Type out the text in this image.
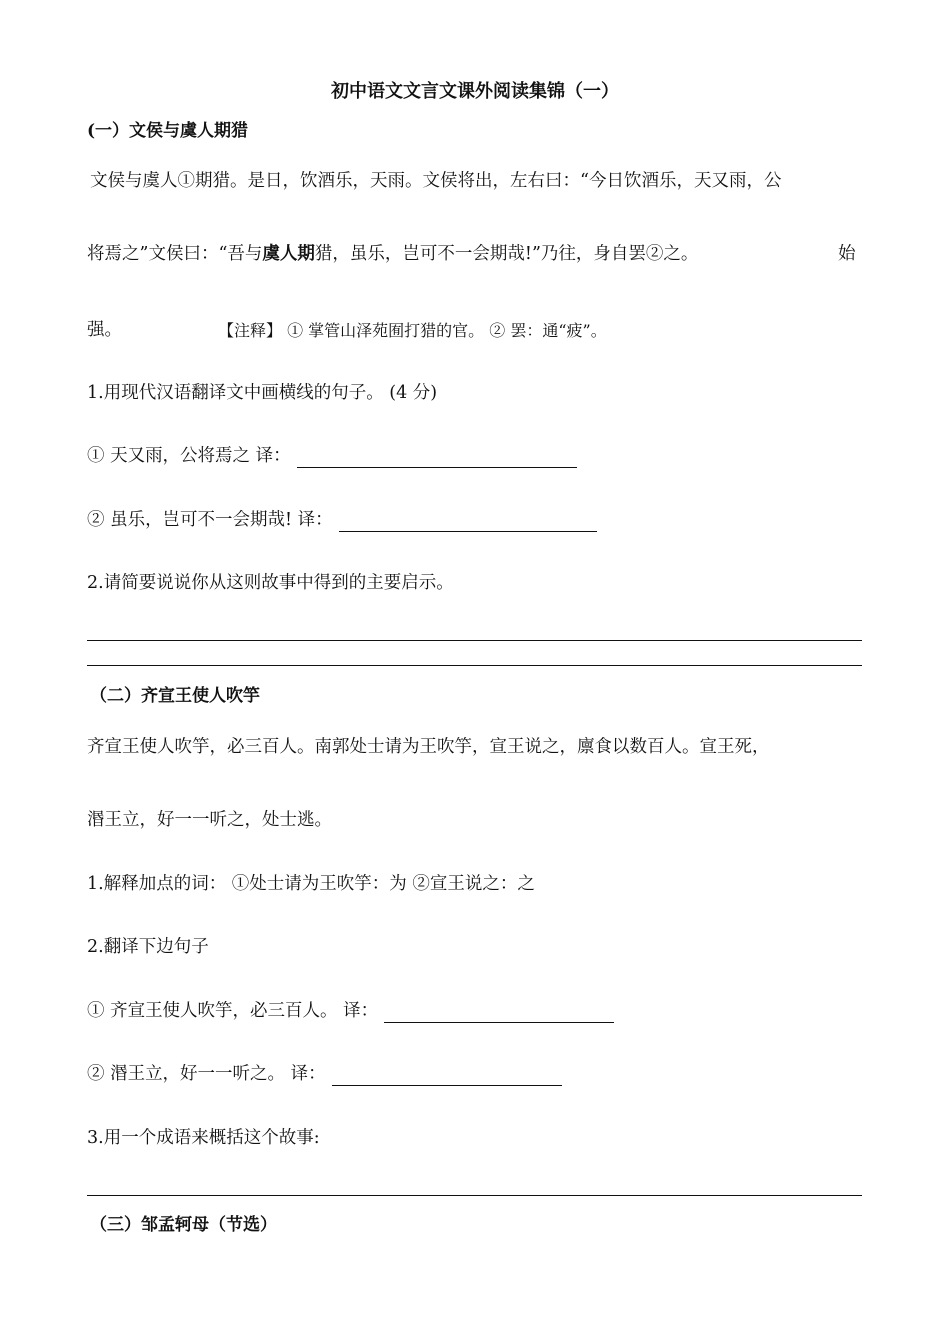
初中语文文言文课外阅读集锦（一）
(一）文侯与虞人期猎
文侯与虞人①期猎。是日，饮酒乐，天雨。文侯将出，左右曰：“今日饮酒乐，天又雨，公
将焉之”文侯曰：“吾与虞人期猎，虽乐，岂可不一会期哉!”乃往，身自罢②之。	始
强。	【注释】 ① 掌管山泽苑囿打猎的官。 ② 罢：通“疲”。
1.用现代汉语翻译文中画横线的句子。 (4 分)
① 天又雨，公将焉之 译：
② 虽乐，岂可不一会期哉! 译：
2.请简要说说你从这则故事中得到的主要启示。
（二）齐宣王使人吹竽
齐宣王使人吹竽，必三百人。南郭处士请为王吹竽，宣王说之，廪食以数百人。宣王死，
湣王立，好一一听之，处士逃。
1.解释加点的词： ①处士请为王吹竽：为 ②宣王说之：之
2.翻译下边句子
① 齐宣王使人吹竽，必三百人。 译：
② 湣王立，好一一听之。 译：
3.用一个成语来概括这个故事:
（三）邹孟轲母（节选）
